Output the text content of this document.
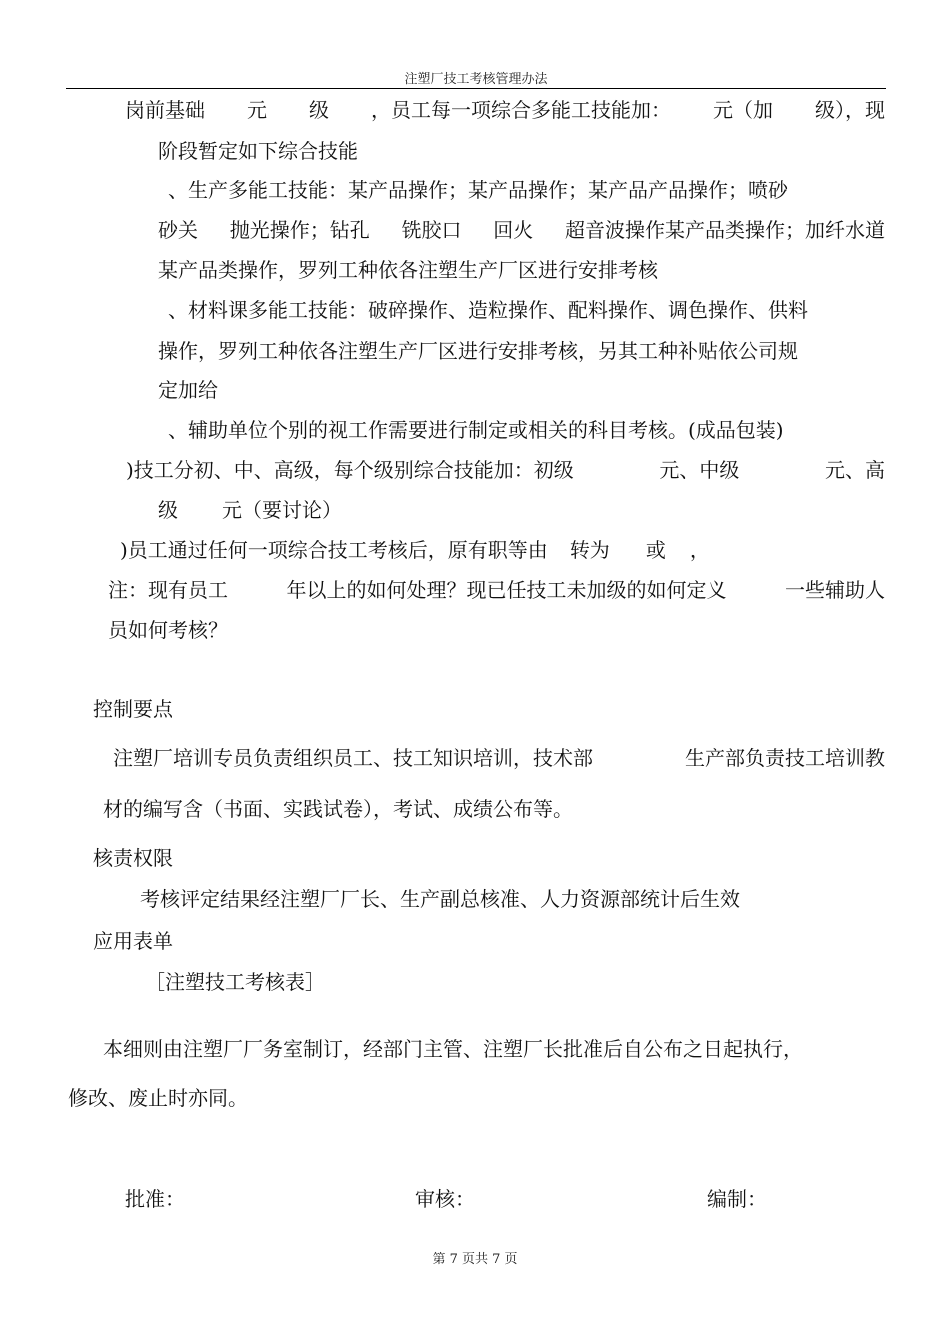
注塑厂技工考核管理办法
岗前基础 元 级 ，员工每一项综合多能工技能加： 元（加 级），现
阶段暂定如下综合技能
、生产多能工技能：某产品操作；某产品操作；某产品产品操作；喷砂
砂关 抛光操作；钻孔 铣胶口 回火 超音波操作某产品类操作；加纤水道
某产品类操作，罗列工种依各注塑生产厂区进行安排考核
、材料课多能工技能：破碎操作、造粒操作、配料操作、调色操作、供料
操作，罗列工种依各注塑生产厂区进行安排考核，另其工种补贴依公司规
定加给
、辅助单位个别的视工作需要进行制定或相关的科目考核。(成品包装)
)技工分初、中、高级，每个级别综合技能加：初级	元、中级	元、高
级 元（要讨论）
)员工通过任何一项综合技工考核后，原有职等由 转为 或 ，
注：现有员工	年以上的如何处理？现已任技工未加级的如何定义	一些辅助人
员如何考核？
控制要点
注塑厂培训专员负责组织员工、技工知识培训，技术部	生产部负责技工培训教
材的编写含（书面、实践试卷），考试、成绩公布等。
核责权限
考核评定结果经注塑厂厂长、生产副总核准、人力资源部统计后生效
应用表单
［注塑技工考核表］
本细则由注塑厂厂务室制订，经部门主管、注塑厂长批准后自公布之日起执行，
修改、废止时亦同。
批准：	审核：	编制：
第 7 页共 7 页
